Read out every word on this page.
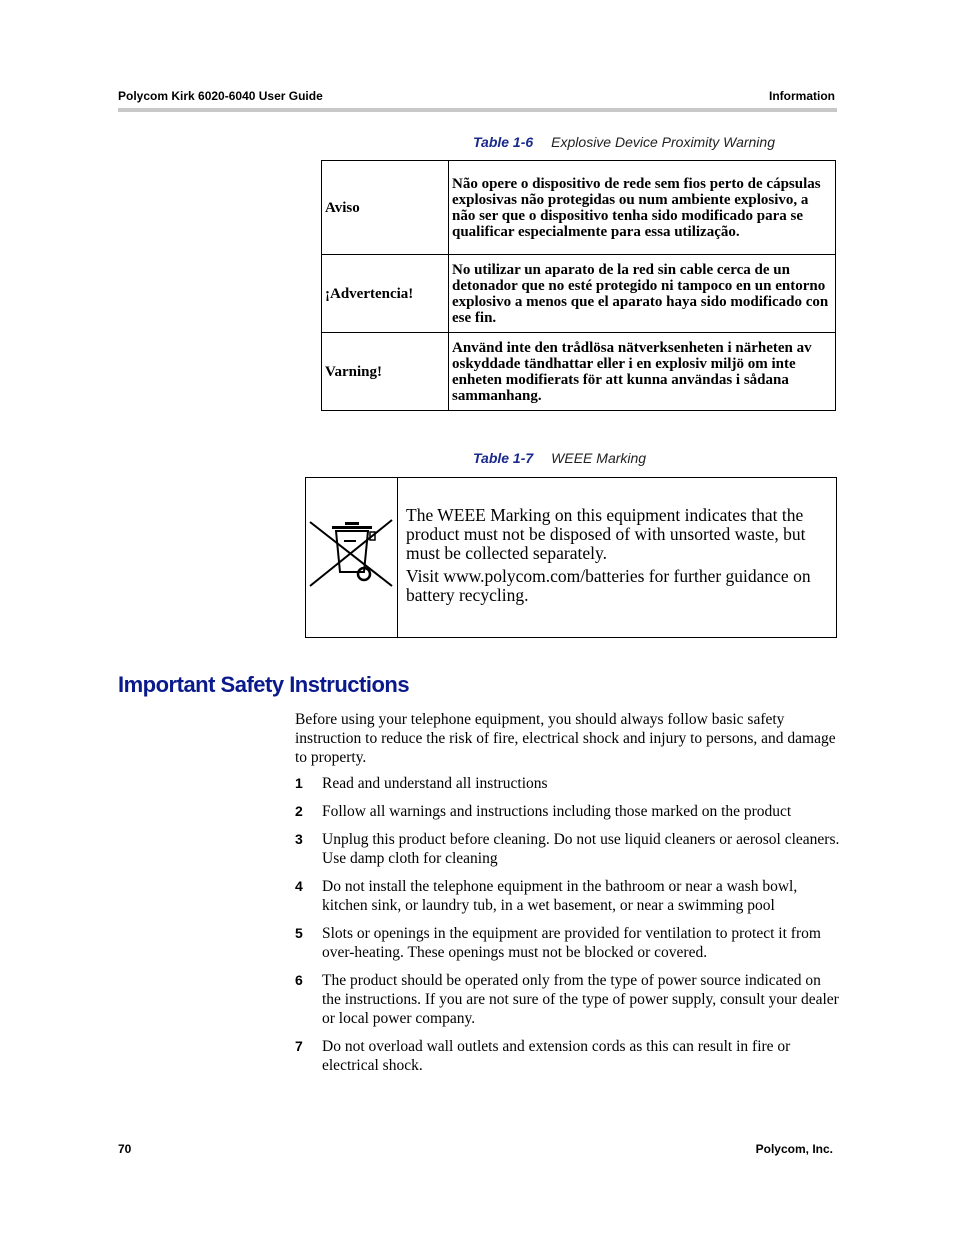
Polycom Kirk 6020-6040 User Guide	Information
Table 1-6 Explosive Device Proximity Warning
Aviso	Não opere o dispositivo de rede sem fios perto de cápsulas explosivas não protegidas ou num ambiente explosivo, a não ser que o dispositivo tenha sido modificado para se qualificar especialmente para essa utilização.
¡Advertencia!	No utilizar un aparato de la red sin cable cerca de un detonador que no esté protegido ni tampoco en un entorno explosivo a menos que el aparato haya sido modificado con ese fin.
Varning!	Använd inte den trådlösa nätverksenheten i närheten av oskyddade tändhattar eller i en explosiv miljö om inte enheten modifierats för att kunna användas i sådana sammanhang.
Table 1-7 WEEE Marking

The WEEE Marking on this equipment indicates that the product must not be disposed of with unsorted waste, but must be collected separately.

Visit www.polycom.com/batteries for further guidance on battery recycling.

Important Safety Instructions
Before using your telephone equipment, you should always follow basic safety instruction to reduce the risk of fire, electrical shock and injury to persons, and damage to property.
1 Read and understand all instructions
2 Follow all warnings and instructions including those marked on the product
3 Unplug this product before cleaning. Do not use liquid cleaners or aerosol cleaners. Use damp cloth for cleaning
4 Do not install the telephone equipment in the bathroom or near a wash bowl, kitchen sink, or laundry tub, in a wet basement, or near a swimming pool
5 Slots or openings in the equipment are provided for ventilation to protect it from over-heating. These openings must not be blocked or covered.
6 The product should be operated only from the type of power source indicated on the instructions. If you are not sure of the type of power supply, consult your dealer or local power company.
7 Do not overload wall outlets and extension cords as this can result in fire or electrical shock.
70	Polycom, Inc.
